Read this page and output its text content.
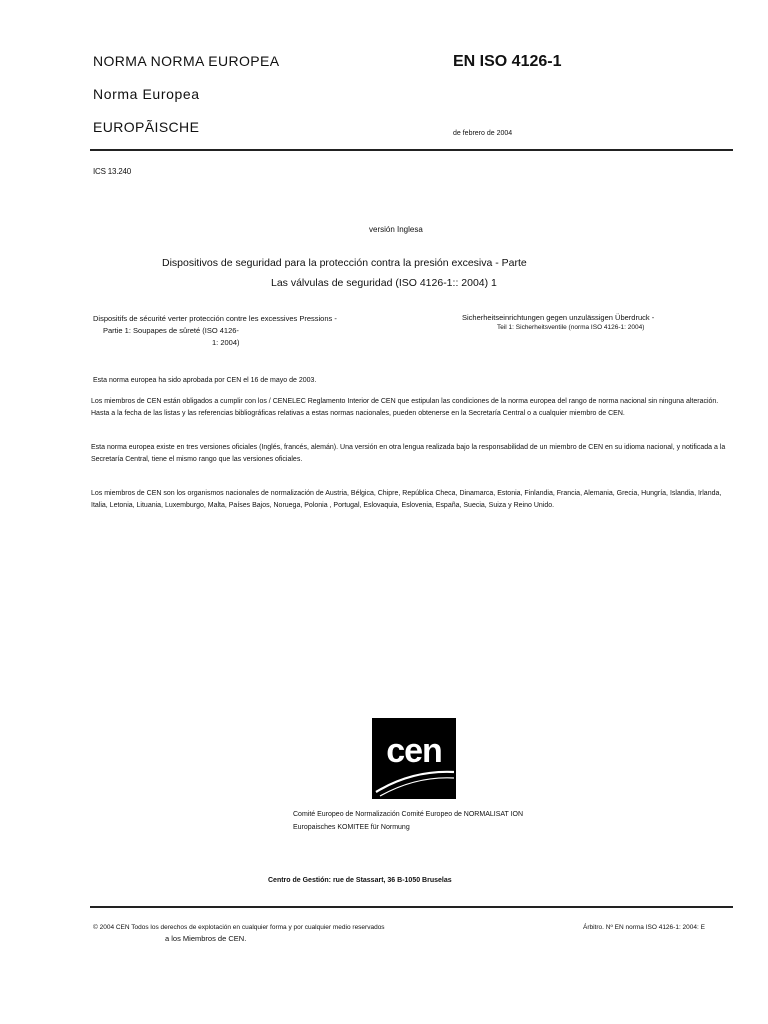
NORMA NORMA EUROPEA	EN ISO 4126-1
Norma Europea
EUROPÃISCHE	de febrero de 2004
ICS 13.240
versión Inglesa
Dispositivos de seguridad para la protección contra la presión excesiva - Parte
Las válvulas de seguridad (ISO 4126-1:: 2004) 1
Dispositifs de sécurité verter protección contre les excessives Pressions -
Partie 1: Soupapes de sûreté (ISO 4126-
1: 2004)
Sicherheitseinrichtungen gegen unzulässigen Überdruck -
Teil 1: Sicherheitsventile (norma ISO 4126-1: 2004)
Esta norma europea ha sido aprobada por CEN el 16 de mayo de 2003.
Los miembros de CEN están obligados a cumplir con los / CENELEC Reglamento Interior de CEN que estipulan las condiciones de la norma europea del rango de norma nacional sin ninguna alteración. Hasta a la fecha de las listas y las referencias bibliográficas relativas a estas normas nacionales, pueden obtenerse en la Secretaría Central o a cualquier miembro de CEN.
Esta norma europea existe en tres versiones oficiales (Inglés, francés, alemán). Una versión en otra lengua realizada bajo la responsabilidad de un miembro de CEN en su idioma nacional, y notificada a la Secretaría Central, tiene el mismo rango que las versiones oficiales.
Los miembros de CEN son los organismos nacionales de normalización de Austria, Bélgica, Chipre, República Checa, Dinamarca, Estonia, Finlandia, Francia, Alemania, Grecia, Hungría, Islandia, Irlanda, Italia, Letonia, Lituania, Luxemburgo, Malta, Países Bajos, Noruega, Polonia , Portugal, Eslovaquia, Eslovenia, España, Suecia, Suiza y Reino Unido.
cen
Comité Europeo de Normalización Comité Europeo de NORMALISAT ION
Europaisches KOMITEE für Normung
Centro de Gestión: rue de Stassart, 36 B-1050 Bruselas
© 2004 CEN Todos los derechos de explotación en cualquier forma y por cualquier medio reservados	Árbitro. Nº EN norma ISO 4126-1: 2004: E
a los Miembros de CEN.
